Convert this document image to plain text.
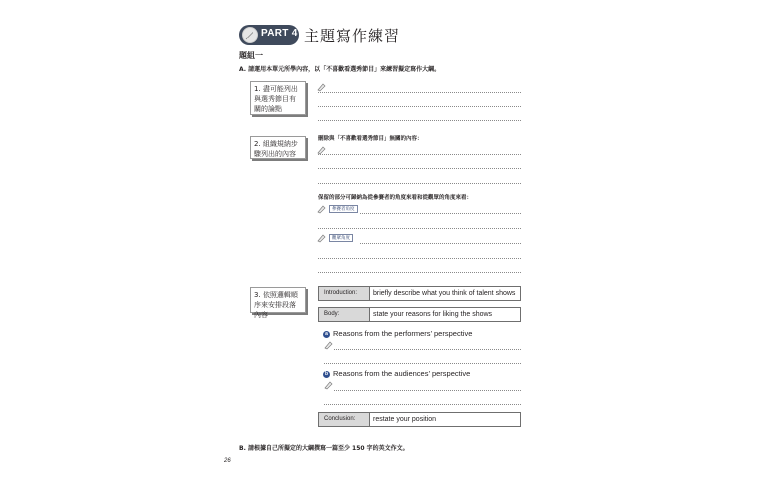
PART 4 主題寫作練習
題組一
A. 請運用本單元所學內容，以「不喜歡看選秀節目」來練習擬定寫作大綱。
1. 盡可能列出與選秀節目有關的論點
2. 組織規納步驟列出的內容
刪除與「不喜歡看選秀節目」無關的內容：
保留的部分可歸納為從參賽者的角度來看和從觀眾的角度來看：
參賽者角度
觀眾角度
3. 依照邏輯順序來安排段落內容
Introduction:	briefly describe what you think of talent shows
Body:	state your reasons for liking the shows
a Reasons from the performers’ perspective
b Reasons from the audiences’ perspective
Conclusion:	restate your position
B. 請根據自己所擬定的大綱撰寫一篇至少 150 字的英文作文。
26
